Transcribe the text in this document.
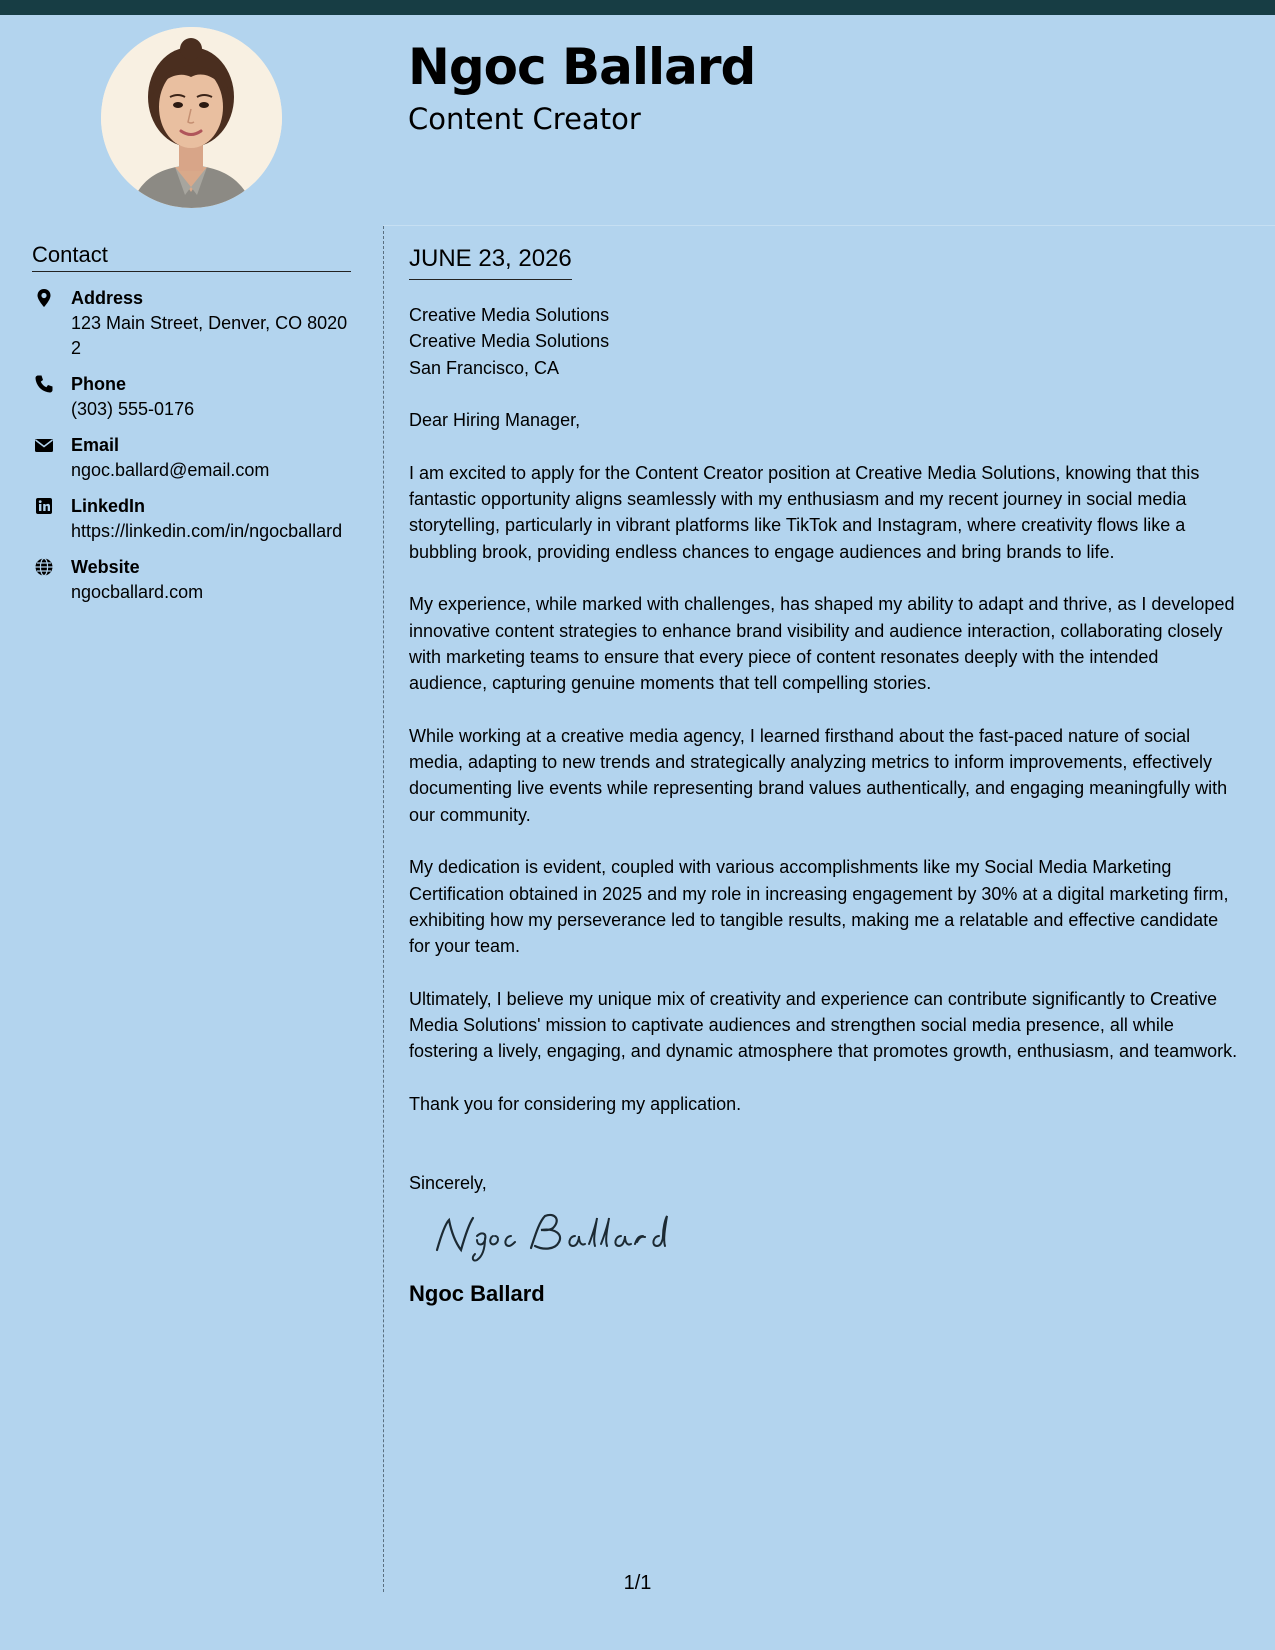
Ngoc Ballard
Content Creator
Contact
Address
123 Main Street, Denver, CO 80202
Phone
(303) 555-0176
Email
ngoc.ballard@email.com
LinkedIn
https://linkedin.com/in/ngocballard
Website
ngocballard.com
JUNE 23, 2026

Creative Media Solutions
Creative Media Solutions
San Francisco, CA

Dear Hiring Manager,

I am excited to apply for the Content Creator position at Creative Media Solutions, knowing that this fantastic opportunity aligns seamlessly with my enthusiasm and my recent journey in social media storytelling, particularly in vibrant platforms like TikTok and Instagram, where creativity flows like a bubbling brook, providing endless chances to engage audiences and bring brands to life.

My experience, while marked with challenges, has shaped my ability to adapt and thrive, as I developed innovative content strategies to enhance brand visibility and audience interaction, collaborating closely with marketing teams to ensure that every piece of content resonates deeply with the intended audience, capturing genuine moments that tell compelling stories.

While working at a creative media agency, I learned firsthand about the fast-paced nature of social media, adapting to new trends and strategically analyzing metrics to inform improvements, effectively documenting live events while representing brand values authentically, and engaging meaningfully with our community.

My dedication is evident, coupled with various accomplishments like my Social Media Marketing Certification obtained in 2025 and my role in increasing engagement by 30% at a digital marketing firm, exhibiting how my perseverance led to tangible results, making me a relatable and effective candidate for your team.

Ultimately, I believe my unique mix of creativity and experience can contribute significantly to Creative Media Solutions' mission to captivate audiences and strengthen social media presence, all while fostering a lively, engaging, and dynamic atmosphere that promotes growth, enthusiasm, and teamwork.

Thank you for considering my application.

Sincerely,

Ngoc Ballard
1/1
